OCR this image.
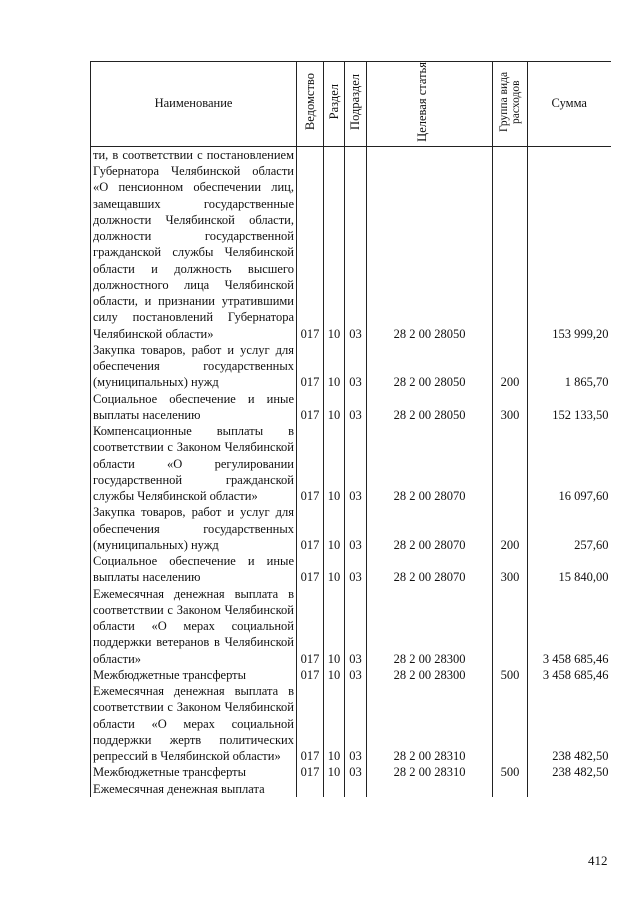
Наименование	Ведомство	Раздел	Подраздел	Целевая статья	Группа вида расходов	Сумма
ти, в соответствии с постановлением Губернатора Челябинской области «О пенсионном обеспечении лиц, замещавших государственные должности Челябинской области, должности государственной гражданской службы Челябинской области и должность высшего должностного лица Челябинской области, и признании утратившими силу постановлений Губернатора Челябинской области»	017	10	03	28 2 00 28050		153 999,20
Закупка товаров, работ и услуг для обеспечения государственных (муниципальных) нужд	017	10	03	28 2 00 28050	200	1 865,70
Социальное обеспечение и иные выплаты населению	017	10	03	28 2 00 28050	300	152 133,50
Компенсационные выплаты в соответствии с Законом Челябинской области «О регулировании государственной гражданской службы Челябинской области»	017	10	03	28 2 00 28070		16 097,60
Закупка товаров, работ и услуг для обеспечения государственных (муниципальных) нужд	017	10	03	28 2 00 28070	200	257,60
Социальное обеспечение и иные выплаты населению	017	10	03	28 2 00 28070	300	15 840,00
Ежемесячная денежная выплата в соответствии с Законом Челябинской области «О мерах социальной поддержки ветеранов в Челябинской области»	017	10	03	28 2 00 28300		3 458 685,46
Межбюджетные трансферты	017	10	03	28 2 00 28300	500	3 458 685,46
Ежемесячная денежная выплата в соответствии с Законом Челябинской области «О мерах социальной поддержки жертв политических репрессий в Челябинской области»	017	10	03	28 2 00 28310		238 482,50
Межбюджетные трансферты	017	10	03	28 2 00 28310	500	238 482,50
Ежемесячная денежная выплата						
412
